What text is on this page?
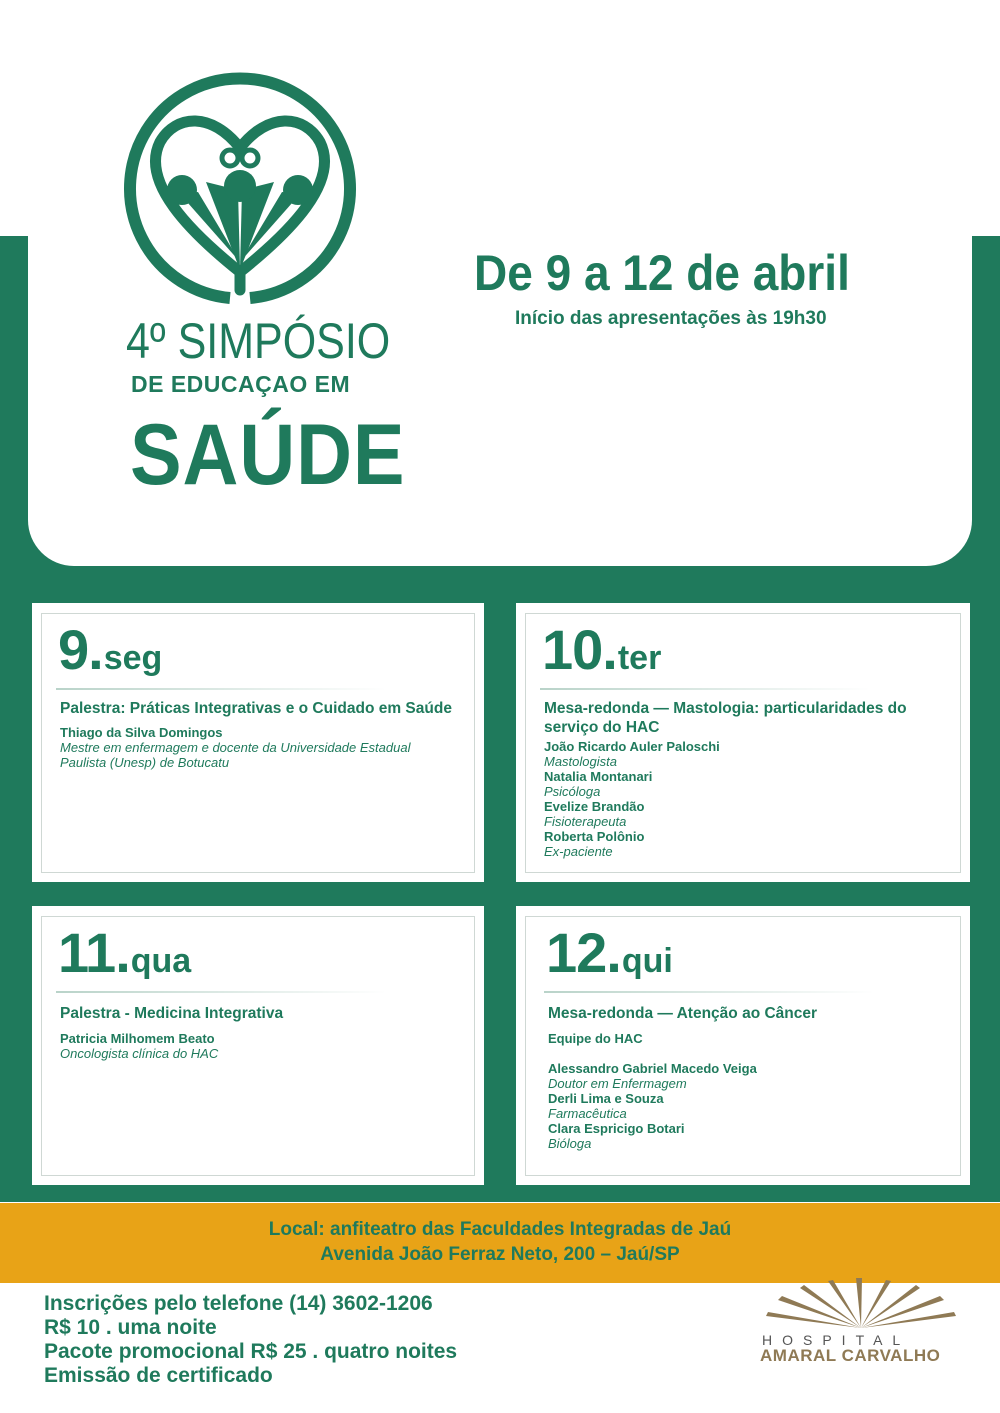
4º SIMPÓSIO
DE EDUCAÇAO EM
SAÚDE
De 9 a 12 de abril
Início das apresentações às 19h30
9.seg
Palestra: Práticas Integrativas e o Cuidado em Saúde
Thiago da Silva Domingos
Mestre em enfermagem e docente da Universidade Estadual Paulista (Unesp) de Botucatu
10.ter
Mesa-redonda — Mastologia: particularidades do serviço do HAC
João Ricardo Auler Paloschi
Mastologista
Natalia Montanari
Psicóloga
Evelize Brandão
Fisioterapeuta
Roberta Polônio
Ex-paciente
11.qua
Palestra - Medicina Integrativa
Patricia Milhomem Beato
Oncologista clínica do HAC
12.qui
Mesa-redonda — Atenção ao Câncer
Equipe do HAC
Alessandro Gabriel Macedo Veiga
Doutor em Enfermagem
Derli Lima e Souza
Farmacêutica
Clara Espricigo Botari
Bióloga
Local: anfiteatro das Faculdades Integradas de Jaú
Avenida João Ferraz Neto, 200 – Jaú/SP
Inscrições pelo telefone (14) 3602-1206
R$ 10 . uma noite
Pacote promocional R$ 25 . quatro noites
Emissão de certificado
HOSPITAL
AMARAL CARVALHO
